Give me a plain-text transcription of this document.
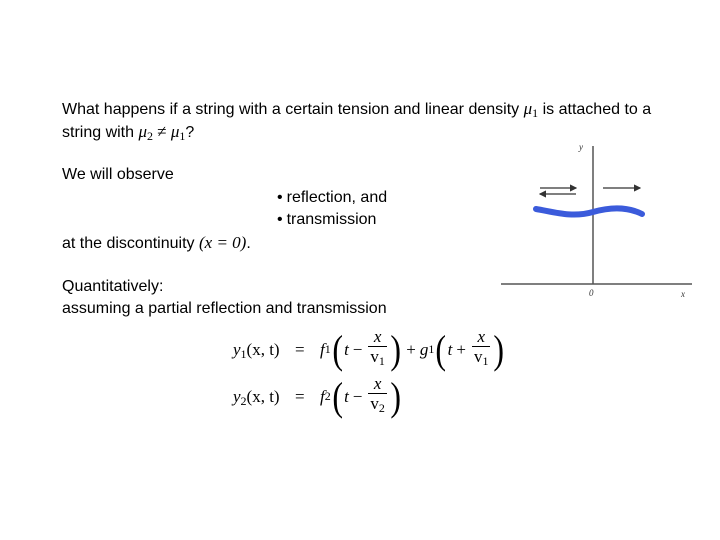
What happens if a string with a certain tension and linear density $\mu_1$ is attached to a
string with $\mu_2 \ne \mu_1$?
We will observe
• reflection, and
• transmission
at the discontinuity (x = 0).
Quantitatively:
assuming a partial reflection and transmission
$y_1(x$, t) = f 1 ( $t - \frac{x}{v_1}$ ) + g 1 ( $t + \frac{x}{v_1}$ )
$y_2(x$, t) = f 2 ( $t - \frac{x}{v_2}$ )
y
x
0
